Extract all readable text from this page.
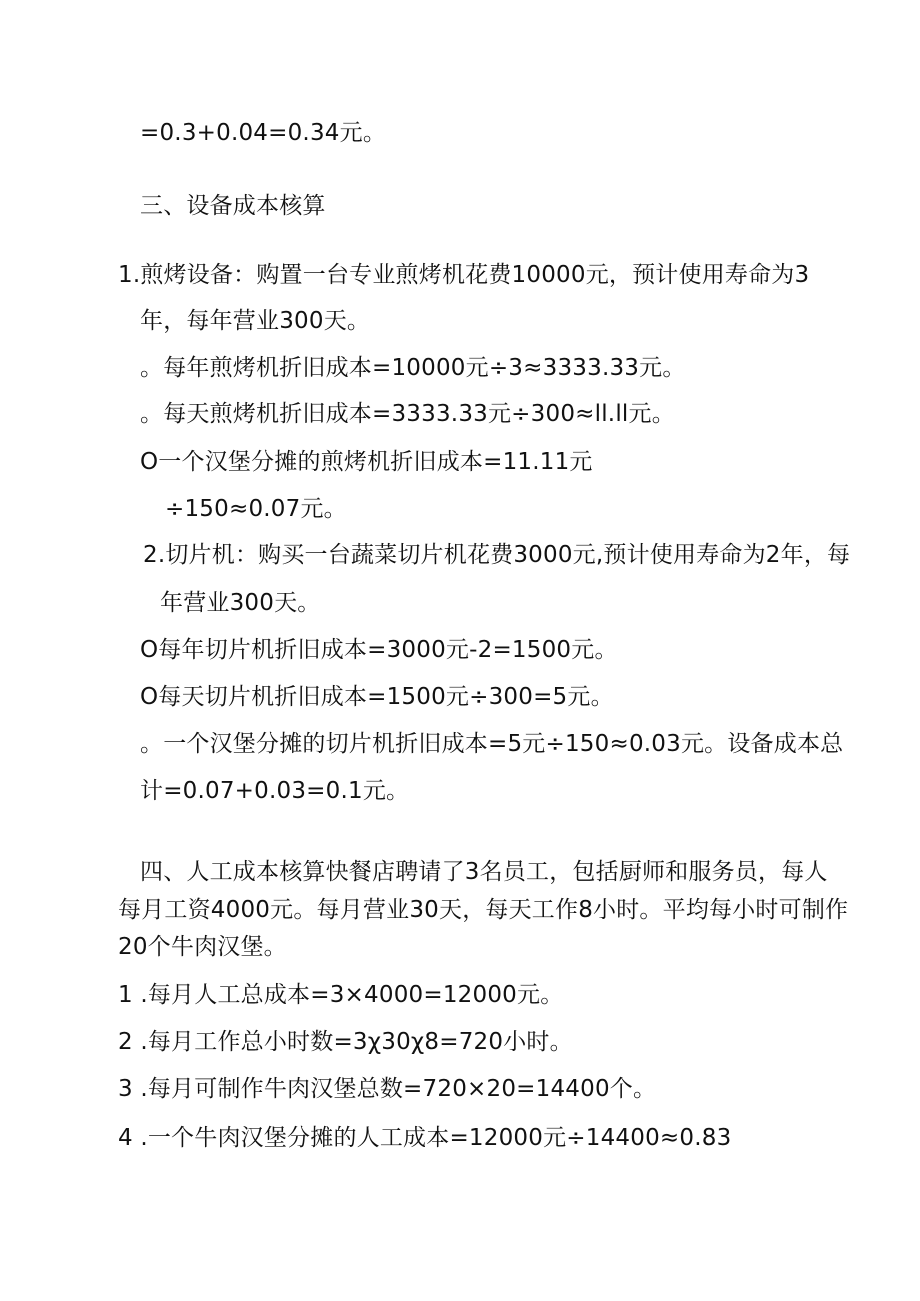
=0.3+0.04=0.34元。
三、设备成本核算
1.煎烤设备：购置一台专业煎烤机花费10000元，预计使用寿命为3
年，每年营业300天。
。每年煎烤机折旧成本=10000元÷3≈3333.33元。
。每天煎烤机折旧成本=3333.33元÷300≈ll.ll元。
O一个汉堡分摊的煎烤机折旧成本=11.11元
÷150≈0.07元。
2.切片机：购买一台蔬菜切片机花费3000元,预计使用寿命为2年，每
年营业300天。
O每年切片机折旧成本=3000元-2=1500元。
O每天切片机折旧成本=1500元÷300=5元。
。一个汉堡分摊的切片机折旧成本=5元÷150≈0.03元。设备成本总
计=0.07+0.03=0.1元。
四、人工成本核算快餐店聘请了3名员工，包括厨师和服务员，每人
每月工资4000元。每月营业30天，每天工作8小时。平均每小时可制作
20个牛肉汉堡。
1 .每月人工总成本=3×4000=12000元。
2 .每月工作总小时数=3χ30χ8=720小时。
3 .每月可制作牛肉汉堡总数=720×20=14400个。
4 .一个牛肉汉堡分摊的人工成本=12000元÷14400≈0.83
